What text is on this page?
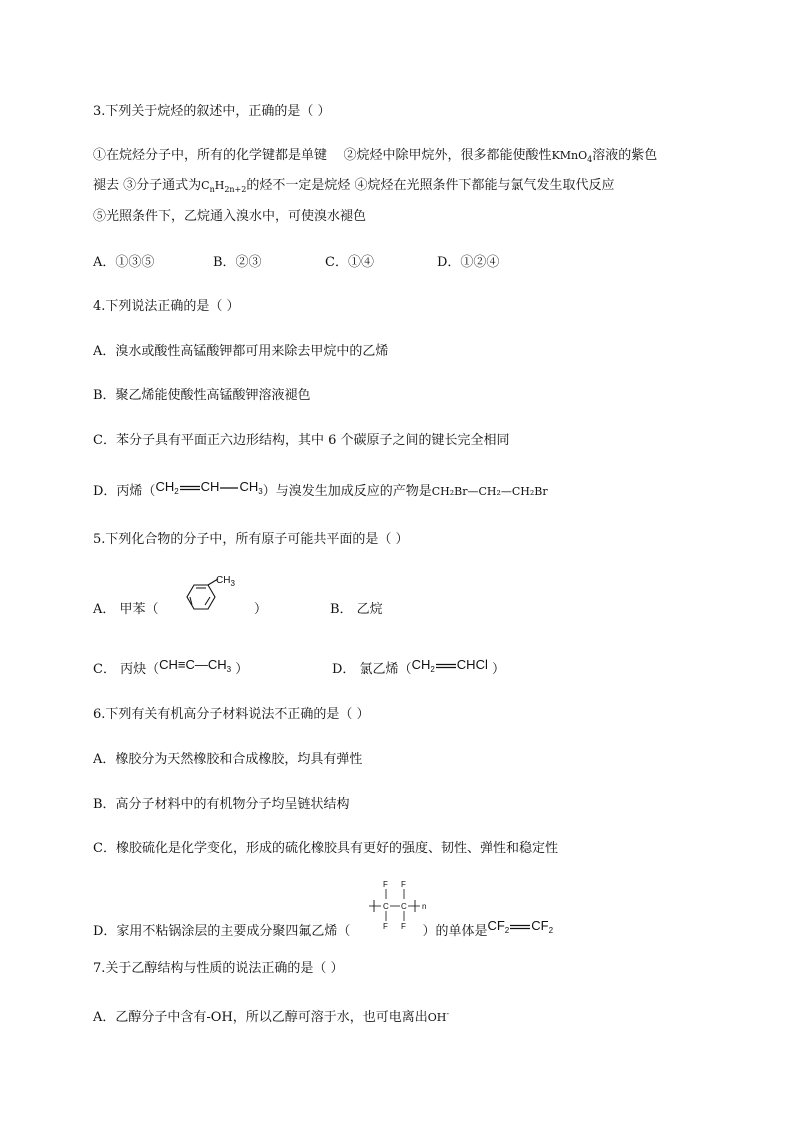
3.下列关于烷烃的叙述中，正确的是（ ）
①在烷烃分子中，所有的化学键都是单键 ②烷烃中除甲烷外，很多都能使酸性KMnO$_4$溶液的紫色
褪去 ③分子通式为$C_nH_{2n+2}$的烃不一定是烷烃 ④烷烃在光照条件下都能与氯气发生取代反应
⑤光照条件下，乙烷通入溴水中，可使溴水褪色
A．①③⑤	B．②③	C．①④	D．①②④
4.下列说法正确的是（ ）
A．溴水或酸性高锰酸钾都可用来除去甲烷中的乙烯
B．聚乙烯能使酸性高锰酸钾溶液褪色
C．苯分子具有平面正六边形结构，其中 6 个碳原子之间的键长完全相同
D．丙烯（$CH_2$ CH $CH_3$）与溴发生加成反应的产物是CH₂Br—CH₂—CH₂Br
5.下列化合物的分子中，所有原子可能共平面的是（ ）
A． 甲苯（
$CH_3$
）	B． 乙烷
C． 丙炔（$CH\equiv C—CH_3$ ）	D． 氯乙烯（$CH_2$ CHCl ）
6.下列有关有机高分子材料说法不正确的是（ ）
A．橡胶分为天然橡胶和合成橡胶，均具有弹性
B．高分子材料中的有机物分子均呈链状结构
C．橡胶硫化是化学变化，形成的硫化橡胶具有更好的强度、韧性、弹性和稳定性
F F
F F
C C n
D．家用不粘锅涂层的主要成分聚四氟乙烯（	）的单体是$CF_2$ $CF_2$
7.关于乙醇结构与性质的说法正确的是（ ）
A．乙醇分子中含有-OH，所以乙醇可溶于水，也可电离出OH-
